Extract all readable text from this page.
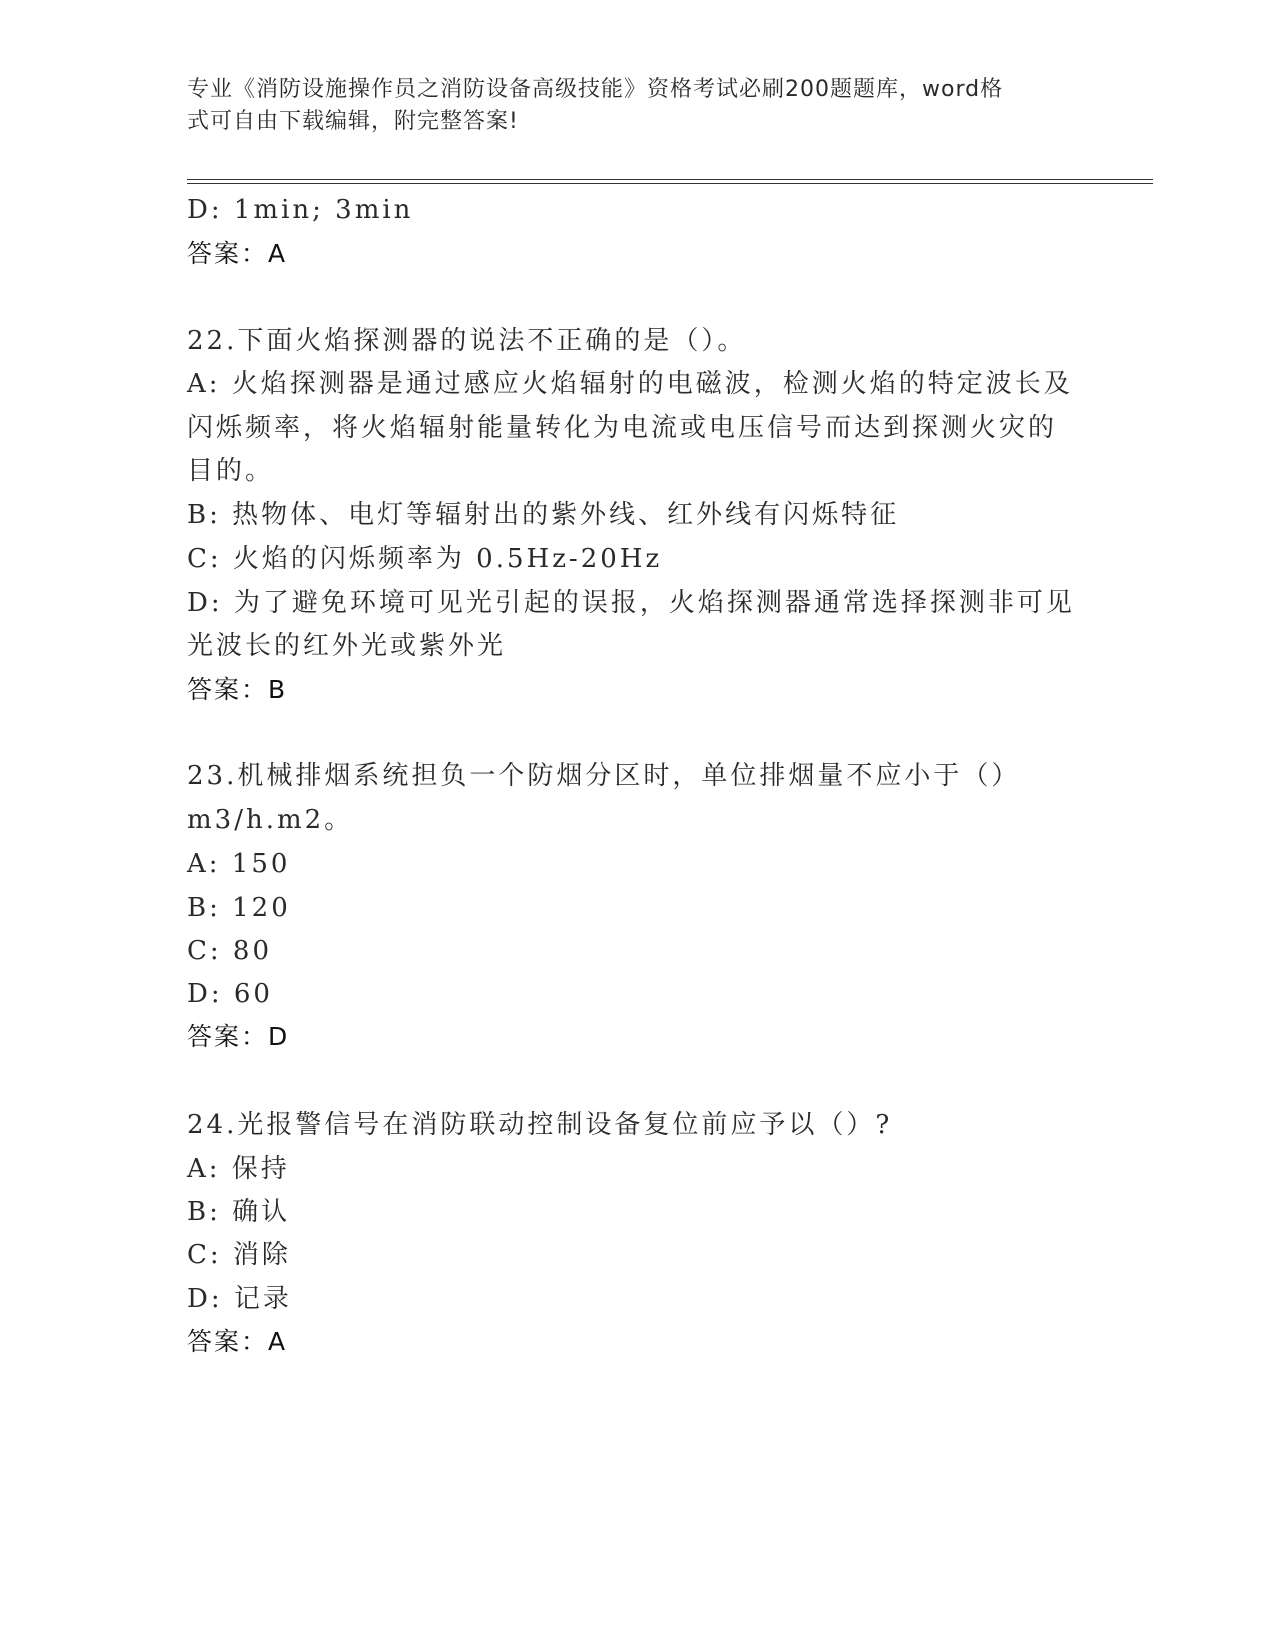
专业《消防设施操作员之消防设备高级技能》资格考试必刷200题题库，word格
式可自由下载编辑，附完整答案!
D: 1min; 3min
答案：A
22.下面火焰探测器的说法不正确的是（）。
A: 火焰探测器是通过感应火焰辐射的电磁波，检测火焰的特定波长及
闪烁频率，将火焰辐射能量转化为电流或电压信号而达到探测火灾的
目的。
B: 热物体、电灯等辐射出的紫外线、红外线有闪烁特征
C: 火焰的闪烁频率为 0.5Hz-20Hz
D: 为了避免环境可见光引起的误报，火焰探测器通常选择探测非可见
光波长的红外光或紫外光
答案：B
23.机械排烟系统担负一个防烟分区时，单位排烟量不应小于（）
m3/h.m2。
A: 150
B: 120
C: 80
D: 60
答案：D
24.光报警信号在消防联动控制设备复位前应予以（）?
A: 保持
B: 确认
C: 消除
D: 记录
答案：A
